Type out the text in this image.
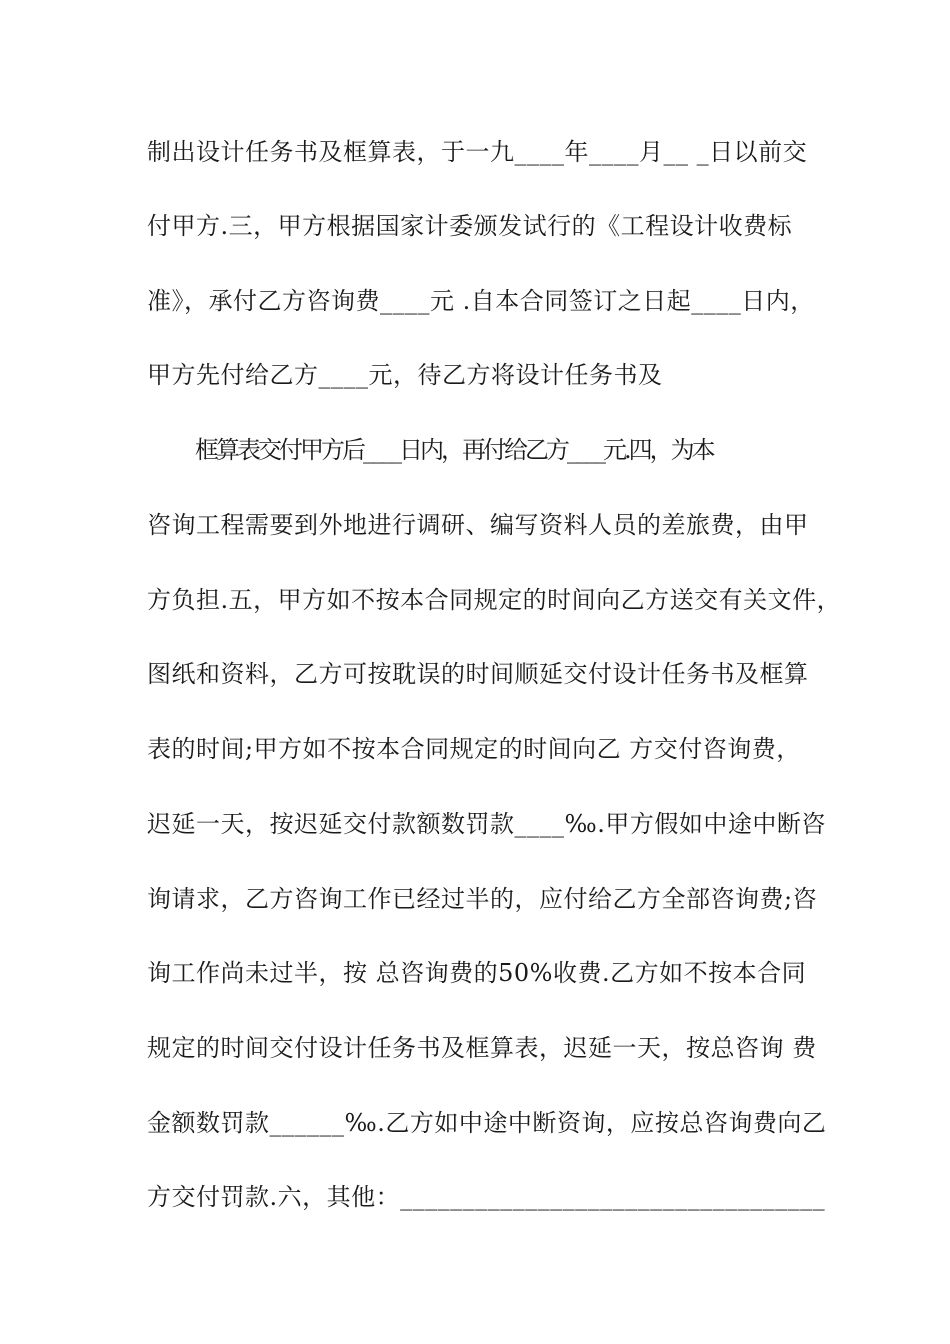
制出设计任务书及框算表，于一九____年____月__ _日以前交
付甲方.三，甲方根据国家计委颁发试行的《工程设计收费标
准》，承付乙方咨询费____元 .自本合同签订之日起____日内，
甲方先付给乙方____元，待乙方将设计任务书及
框算表交付甲方后____日内，再付给乙方____元.四，为本
咨询工程需要到外地进行调研、编写资料人员的差旅费，由甲
方负担.五，甲方如不按本合同规定的时间向乙方送交有关文件，
图纸和资料，乙方可按耽误的时间顺延交付设计任务书及框算
表的时间;甲方如不按本合同规定的时间向乙 方交付咨询费，
迟延一天，按迟延交付款额数罚款____‰.甲方假如中途中断咨
询请求，乙方咨询工作已经过半的，应付给乙方全部咨询费;咨
询工作尚未过半，按 总咨询费的50%收费.乙方如不按本合同
规定的时间交付设计任务书及框算表，迟延一天，按总咨询 费
金额数罚款______‰.乙方如中途中断资询，应按总咨询费向乙
方交付罚款.六，其他：__________________________________
